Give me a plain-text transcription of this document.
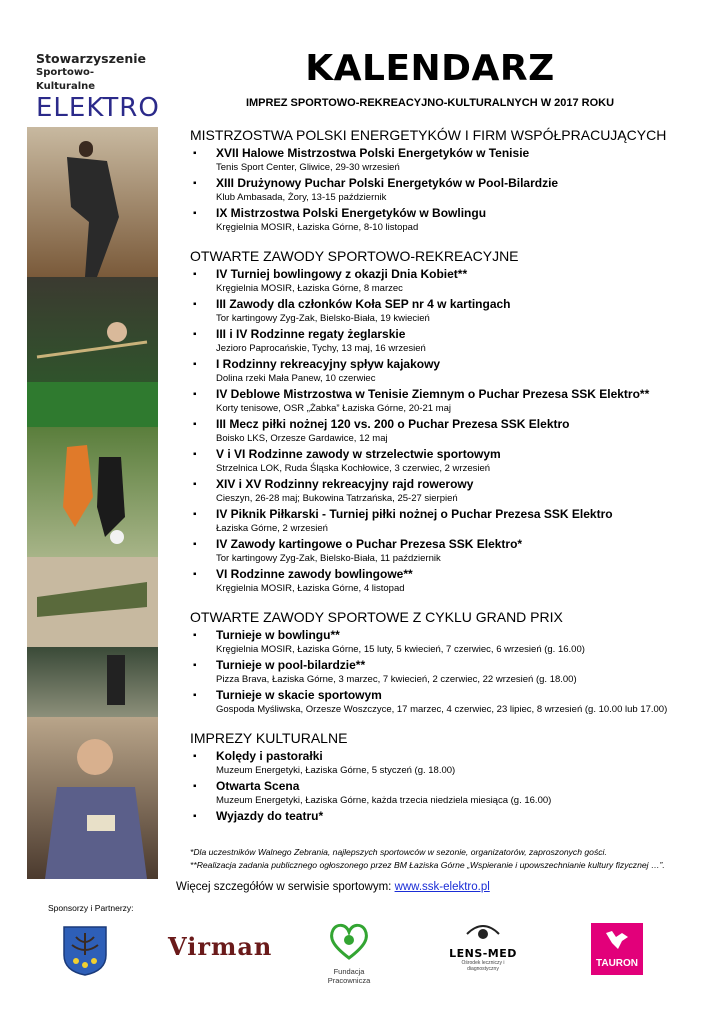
Stowarzyszenie
Sportowo-Kulturalne
ELEKTRO
KALENDARZ
IMPREZ SPORTOWO-REKREACYJNO-KULTURALNYCH W 2017 ROKU
MISTRZOSTWA POLSKI ENERGETYKÓW I FIRM WSPÓŁPRACUJĄCYCH
▪ XVII Halowe Mistrzostwa Polski Energetyków w Tenisie
Tenis Sport Center, Gliwice, 29-30 wrzesień
▪ XIII Drużynowy Puchar Polski Energetyków w Pool-Bilardzie
Klub Ambasada, Żory, 13-15 październik
▪ IX Mistrzostwa Polski Energetyków w Bowlingu
Kręgielnia MOSIR, Łaziska Górne, 8-10 listopad
OTWARTE ZAWODY SPORTOWO-REKREACYJNE
▪ IV Turniej bowlingowy z okazji Dnia Kobiet**
Kręgielnia MOSIR, Łaziska Górne, 8 marzec
▪ III Zawody dla członków Koła SEP nr 4 w kartingach
Tor kartingowy Zyg-Zak, Bielsko-Biała, 19 kwiecień
▪ III i IV Rodzinne regaty żeglarskie
Jezioro Paprocańskie, Tychy, 13 maj, 16 wrzesień
▪ I Rodzinny rekreacyjny spływ kajakowy
Dolina rzeki Mała Panew, 10 czerwiec
▪ IV Deblowe Mistrzostwa w Tenisie Ziemnym o Puchar Prezesa SSK Elektro**
Korty tenisowe, OSR „Żabka” Łaziska Górne, 20-21 maj
▪ III Mecz piłki nożnej 120 vs. 200 o Puchar Prezesa SSK Elektro
Boisko LKS, Orzesze Gardawice, 12 maj
▪ V i VI Rodzinne zawody w strzelectwie sportowym
Strzelnica LOK, Ruda Śląska Kochłowice, 3 czerwiec, 2 wrzesień
▪ XIV i XV Rodzinny rekreacyjny rajd rowerowy
Cieszyn, 26-28 maj; Bukowina Tatrzańska, 25-27 sierpień
▪ IV Piknik Piłkarski - Turniej piłki nożnej o Puchar Prezesa SSK Elektro
Łaziska Górne, 2 wrzesień
▪ IV Zawody kartingowe o Puchar Prezesa SSK Elektro*
Tor kartingowy Zyg-Zak, Bielsko-Biała, 11 październik
▪ VI Rodzinne zawody bowlingowe**
Kręgielnia MOSIR, Łaziska Górne, 4 listopad
OTWARTE ZAWODY SPORTOWE Z CYKLU GRAND PRIX
▪ Turnieje w bowlingu**
Kręgielnia MOSIR, Łaziska Górne, 15 luty, 5 kwiecień, 7 czerwiec, 6 wrzesień (g. 16.00)
▪ Turnieje w pool-bilardzie**
Pizza Brava, Łaziska Górne, 3 marzec, 7 kwiecień, 2 czerwiec, 22 wrzesień (g. 18.00)
▪ Turnieje w skacie sportowym
Gospoda Myśliwska, Orzesze Woszczyce, 17 marzec, 4 czerwiec, 23 lipiec, 8 wrzesień (g. 10.00 lub 17.00)
IMPREZY KULTURALNE
▪ Kolędy i pastorałki
Muzeum Energetyki, Łaziska Górne, 5 styczeń (g. 18.00)
▪ Otwarta Scena
Muzeum Energetyki, Łaziska Górne, każda trzecia niedziela miesiąca (g. 16.00)
▪ Wyjazdy do teatru*
*Dla uczestników Walnego Zebrania, najlepszych sportowców w sezonie, organizatorów, zaproszonych gości.
**Realizacja zadania publicznego ogłoszonego przez BM Łaziska Górne „Wspieranie i upowszechnianie kultury fizycznej …”.
Więcej szczegółów w serwisie sportowym: www.ssk-elektro.pl
Sponsorzy i Partnerzy:
Virman
Fundacja Pracownicza
LENS-MED
Ośrodek leczniczy i diagnostyczny	TAURON
